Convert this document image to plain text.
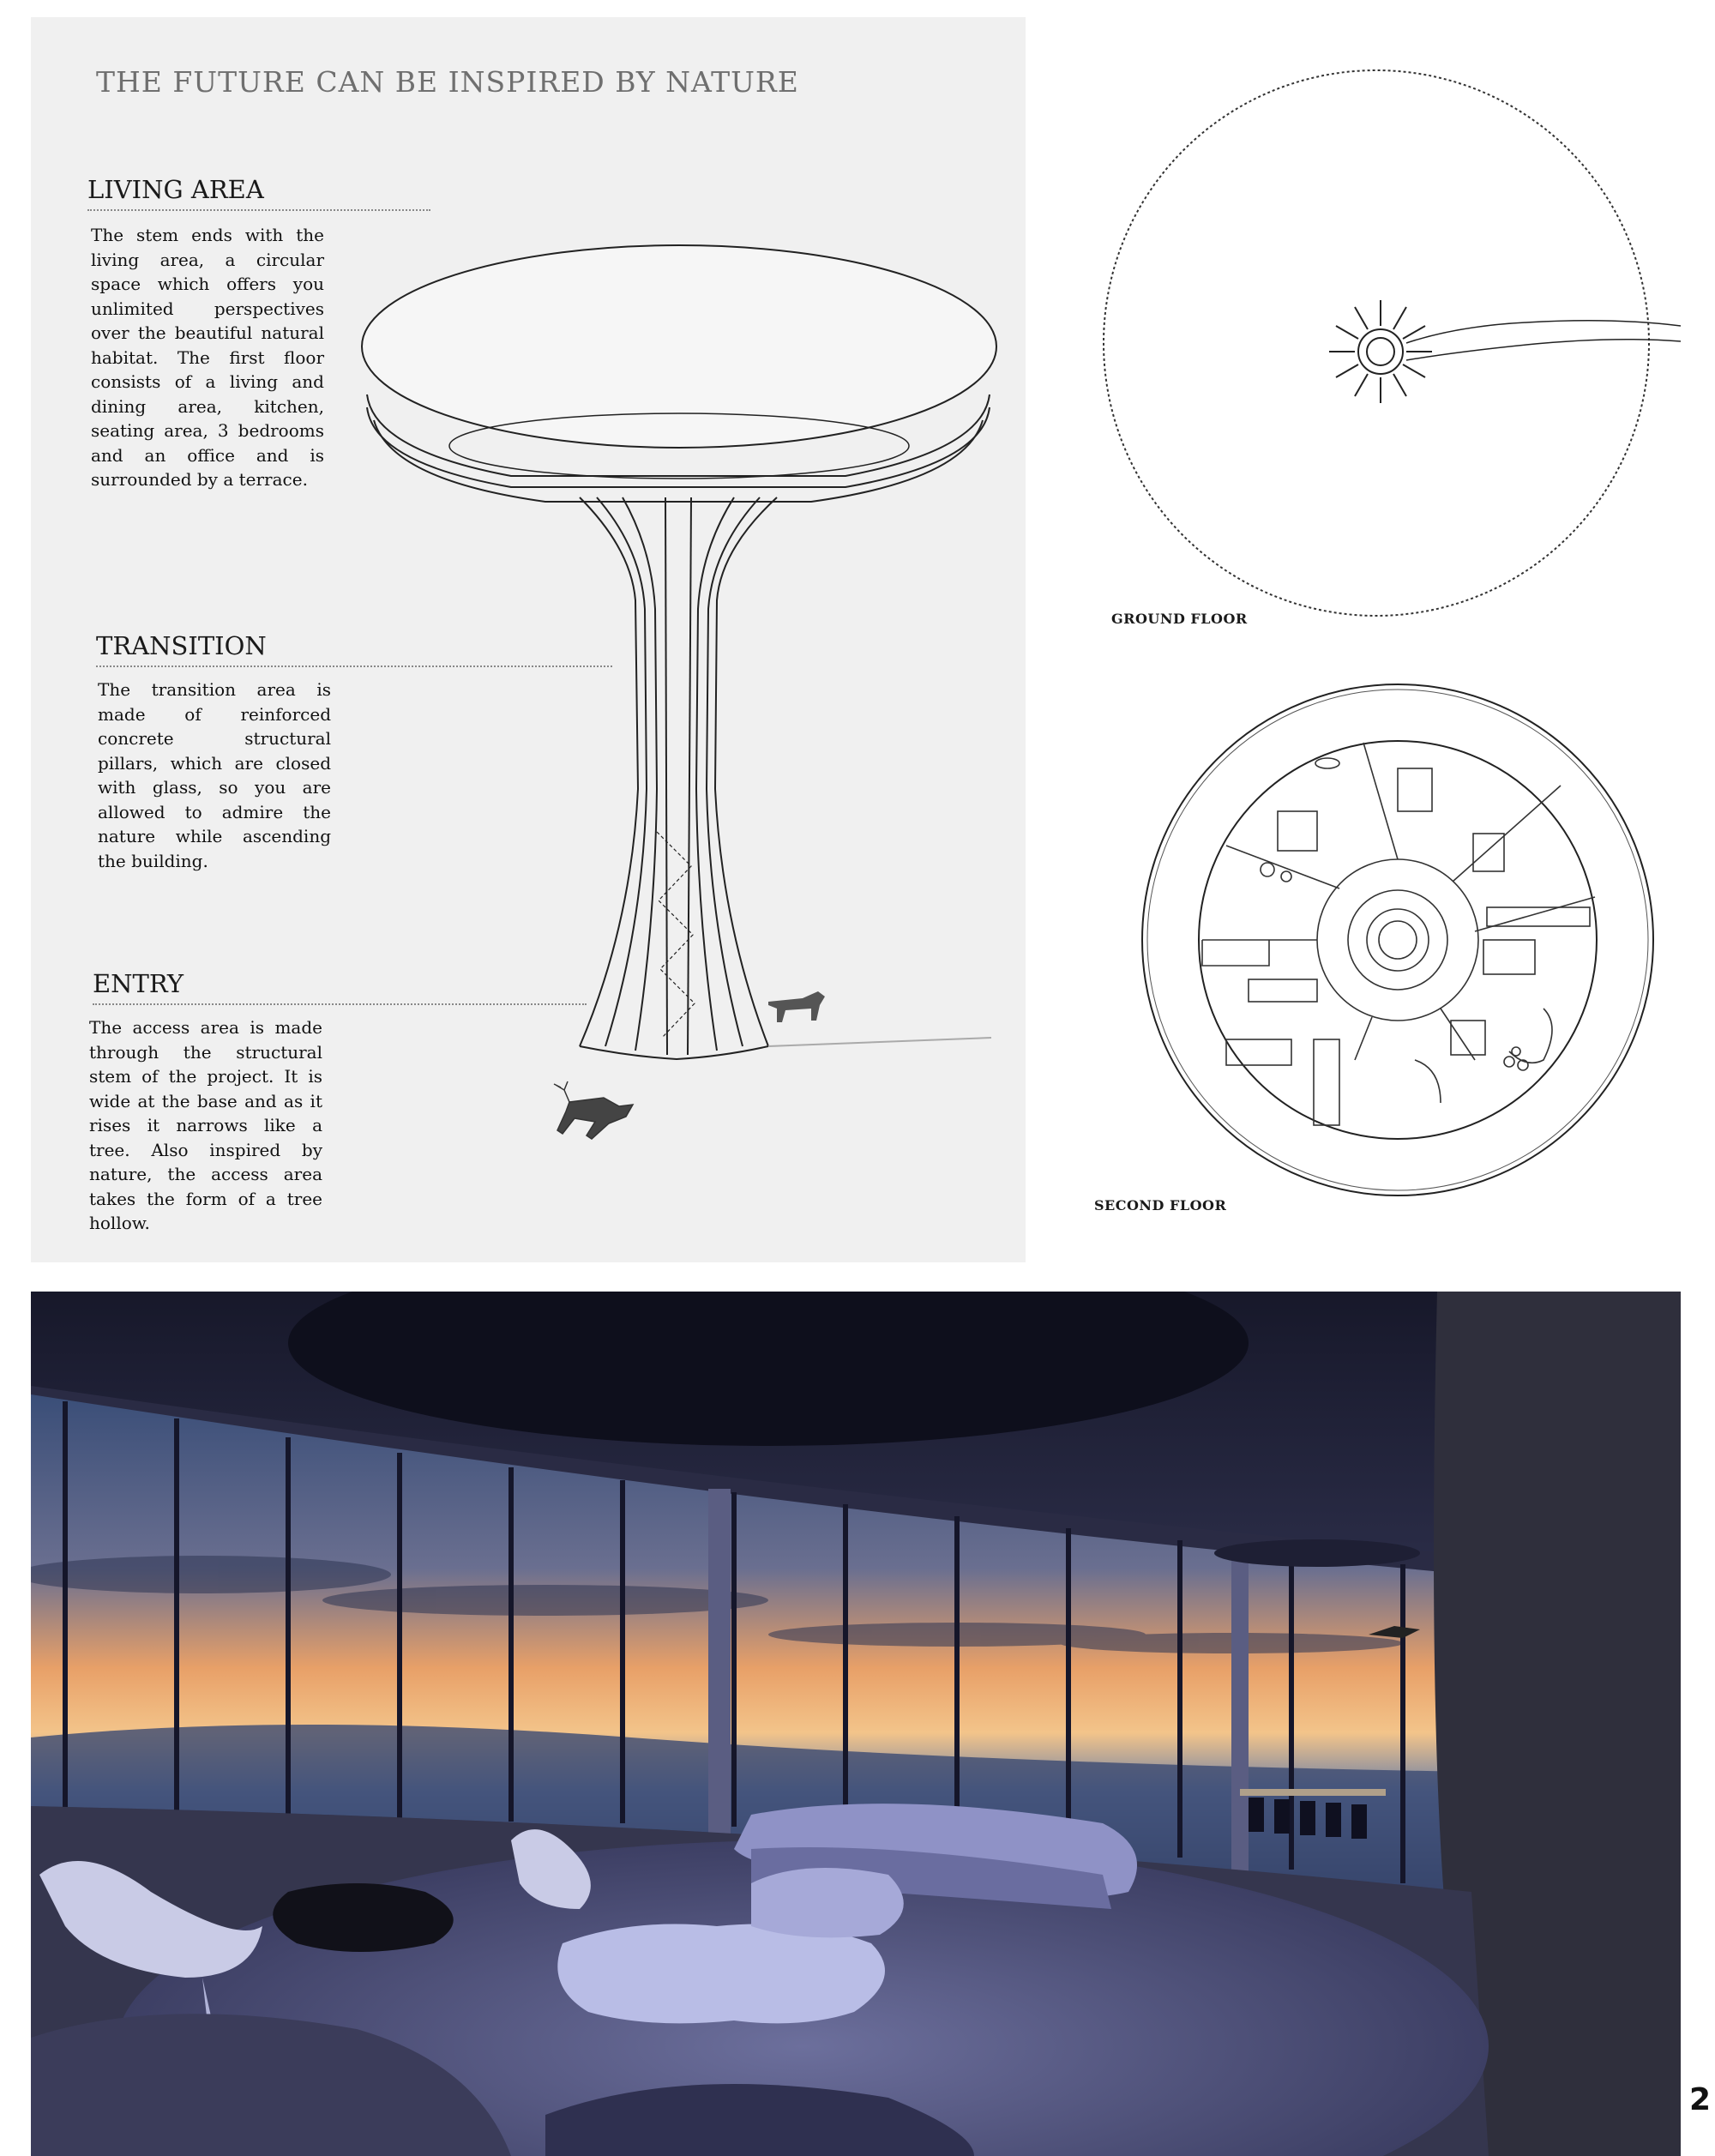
THE FUTURE CAN BE INSPIRED BY NATURE
LIVING AREA

The stem ends with the living area, a circular space which offers you unlimited perspectives over the beautiful natural habitat. The first floor consists of a living and dining area, kitchen, seating area, 3 bedrooms and an office and is surrounded by a terrace.

TRANSITION

The transition area is made of reinforced concrete structural pillars, which are closed with glass, so you are allowed to admire the nature while ascending the building.

ENTRY

The access area is made through the structural stem of the project. It is wide at the base and as it rises it narrows like a tree. Also inspired by nature, the access area takes the form of a tree hollow.

GROUND FLOOR
SECOND FLOOR
2
